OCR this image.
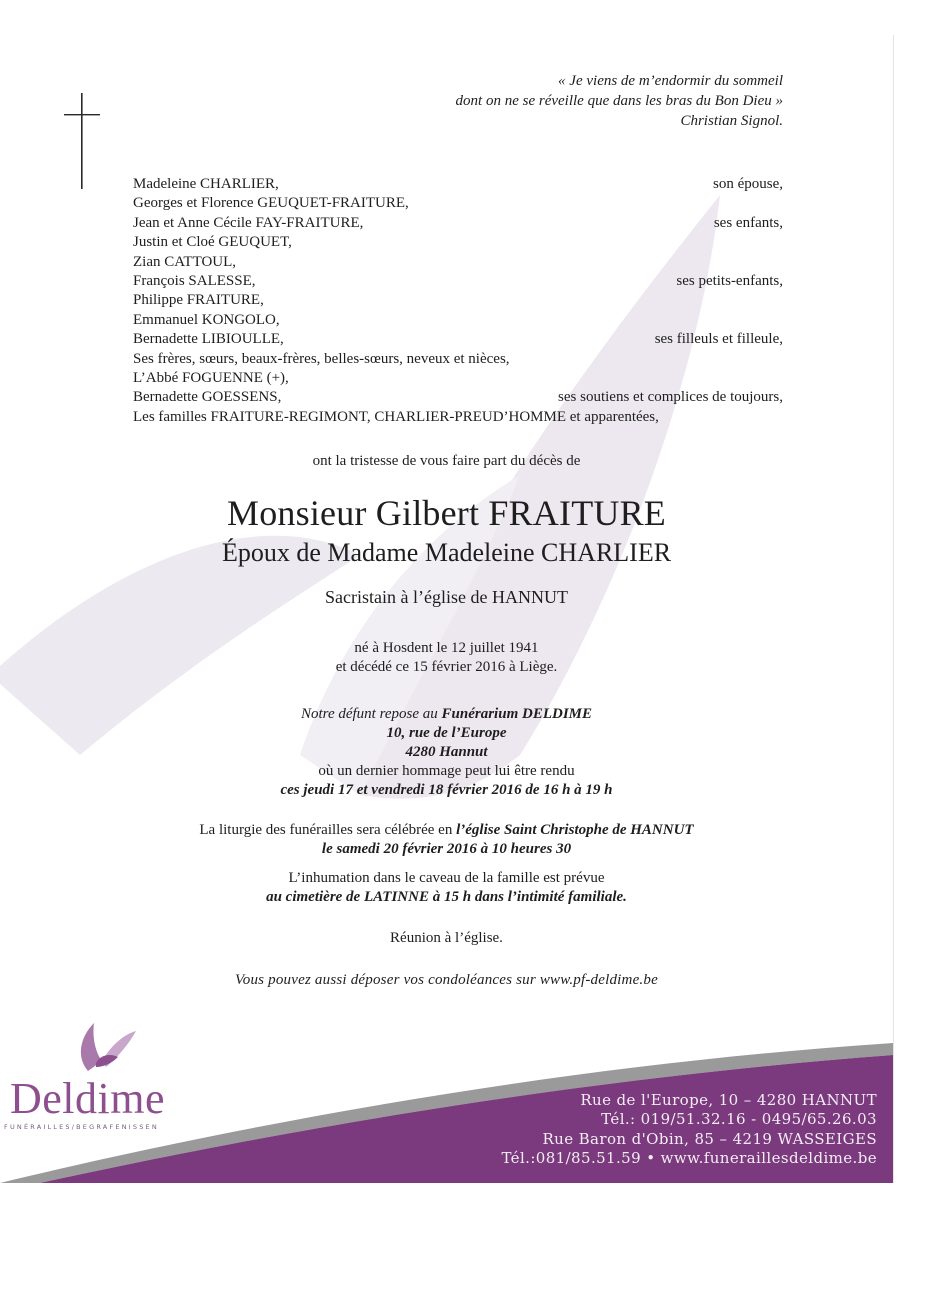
« Je viens de m’endormir du sommeil
dont on ne se réveille que dans les bras du Bon Dieu »
Christian Signol.
Madeleine CHARLIER,	son épouse,
Georges et Florence GEUQUET-FRAITURE,
Jean et Anne Cécile FAY-FRAITURE,	ses enfants,
Justin et Cloé GEUQUET,
Zian CATTOUL,
François SALESSE,	ses petits-enfants,
Philippe FRAITURE,
Emmanuel KONGOLO,
Bernadette LIBIOULLE,	ses filleuls et filleule,
Ses frères, sœurs, beaux-frères, belles-sœurs, neveux et nièces,
L’Abbé FOGUENNE (+),
Bernadette GOESSENS,	ses soutiens et complices de toujours,
Les familles FRAITURE-REGIMONT, CHARLIER-PREUD’HOMME et apparentées,
ont la tristesse de vous faire part du décès de
Monsieur Gilbert FRAITURE
Époux de Madame Madeleine CHARLIER
Sacristain à l’église de HANNUT
né à Hosdent le 12 juillet 1941
et décédé ce 15 février 2016 à Liège.
Notre défunt repose au Funérarium DELDIME
10, rue de l’Europe
4280 Hannut
où un dernier hommage peut lui être rendu
ces jeudi 17 et vendredi 18 février 2016 de 16 h à 19 h
La liturgie des funérailles sera célébrée en l’église Saint Christophe de HANNUT
le samedi 20 février 2016 à 10 heures 30
L’inhumation dans le caveau de la famille est prévue
au cimetière de LATINNE à 15 h dans l’intimité familiale.
Réunion à l’église.
Vous pouvez aussi déposer vos condoléances sur www.pf-deldime.be
Deldime
FUNÉRAILLES/BEGRAFENISSEN
Rue de l'Europe, 10 – 4280 HANNUT
Tél.: 019/51.32.16 - 0495/65.26.03
Rue Baron d'Obin, 85 – 4219 WASSEIGES
Tél.:081/85.51.59 • www.funeraillesdeldime.be
